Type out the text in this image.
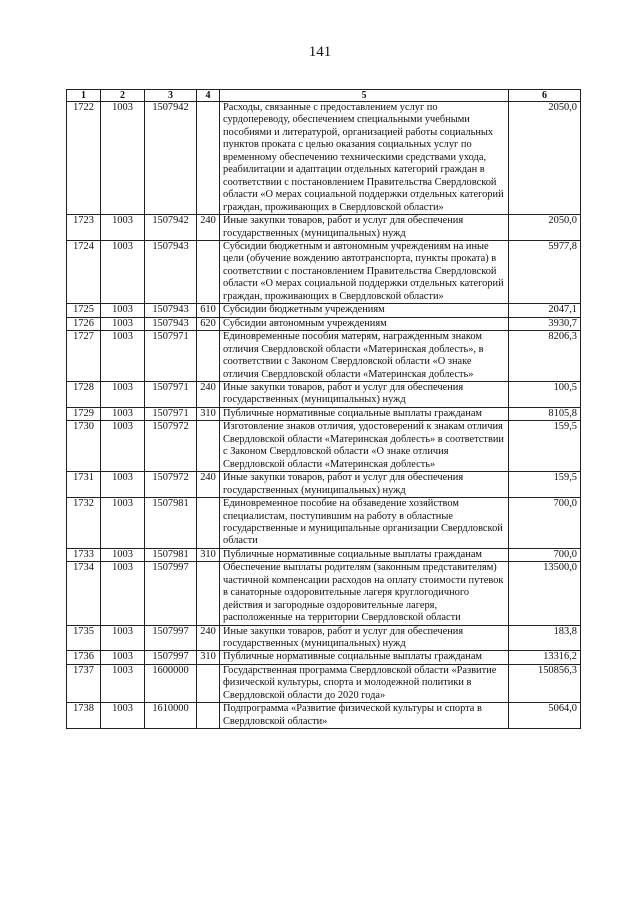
141
1	2	3	4	5	6
1722	1003	1507942		Расходы, связанные с предоставлением услуг по сурдопереводу, обеспечением специальными учебными пособиями и литературой, организацией работы социальных пунктов проката с целью оказания социальных услуг по временному обеспечению техническими средствами ухода, реабилитации и адаптации отдельных категорий граждан в соответствии с постановлением Правительства Свердловской области «О мерах социальной поддержки отдельных категорий граждан, проживающих в Свердловской области»	2050,0
1723	1003	1507942	240	Иные закупки товаров, работ и услуг для обеспечения государственных (муниципальных) нужд	2050,0
1724	1003	1507943		Субсидии бюджетным и автономным учреждениям на иные цели (обучение вождению автотранспорта, пункты проката) в соответствии с постановлением Правительства Свердловской области «О мерах социальной поддержки отдельных категорий граждан, проживающих в Свердловской области»	5977,8
1725	1003	1507943	610	Субсидии бюджетным учреждениям	2047,1
1726	1003	1507943	620	Субсидии автономным учреждениям	3930,7
1727	1003	1507971		Единовременные пособия матерям, награжденным знаком отличия Свердловской области «Материнская доблесть», в соответствии с Законом Свердловской области «О знаке отличия Свердловской области «Материнская доблесть»	8206,3
1728	1003	1507971	240	Иные закупки товаров, работ и услуг для обеспечения государственных (муниципальных) нужд	100,5
1729	1003	1507971	310	Публичные нормативные социальные выплаты гражданам	8105,8
1730	1003	1507972		Изготовление знаков отличия, удостоверений к знакам отличия Свердловской области «Материнская доблесть» в соответствии с Законом Свердловской области «О знаке отличия Свердловской области «Материнская доблесть»	159,5
1731	1003	1507972	240	Иные закупки товаров, работ и услуг для обеспечения государственных (муниципальных) нужд	159,5
1732	1003	1507981		Единовременное пособие на обзаведение хозяйством специалистам, поступившим на работу в областные государственные и муниципальные организации Свердловской области	700,0
1733	1003	1507981	310	Публичные нормативные социальные выплаты гражданам	700,0
1734	1003	1507997		Обеспечение выплаты родителям (законным представителям) частичной компенсации расходов на оплату стоимости путевок в санаторные оздоровительные лагеря круглогодичного действия и загородные оздоровительные лагеря, расположенные на территории Свердловской области	13500,0
1735	1003	1507997	240	Иные закупки товаров, работ и услуг для обеспечения государственных (муниципальных) нужд	183,8
1736	1003	1507997	310	Публичные нормативные социальные выплаты гражданам	13316,2
1737	1003	1600000		Государственная программа Свердловской области «Развитие физической культуры, спорта и молодежной политики в Свердловской области до 2020 года»	150856,3
1738	1003	1610000		Подпрограмма «Развитие физической культуры и спорта в Свердловской области»	5064,0
